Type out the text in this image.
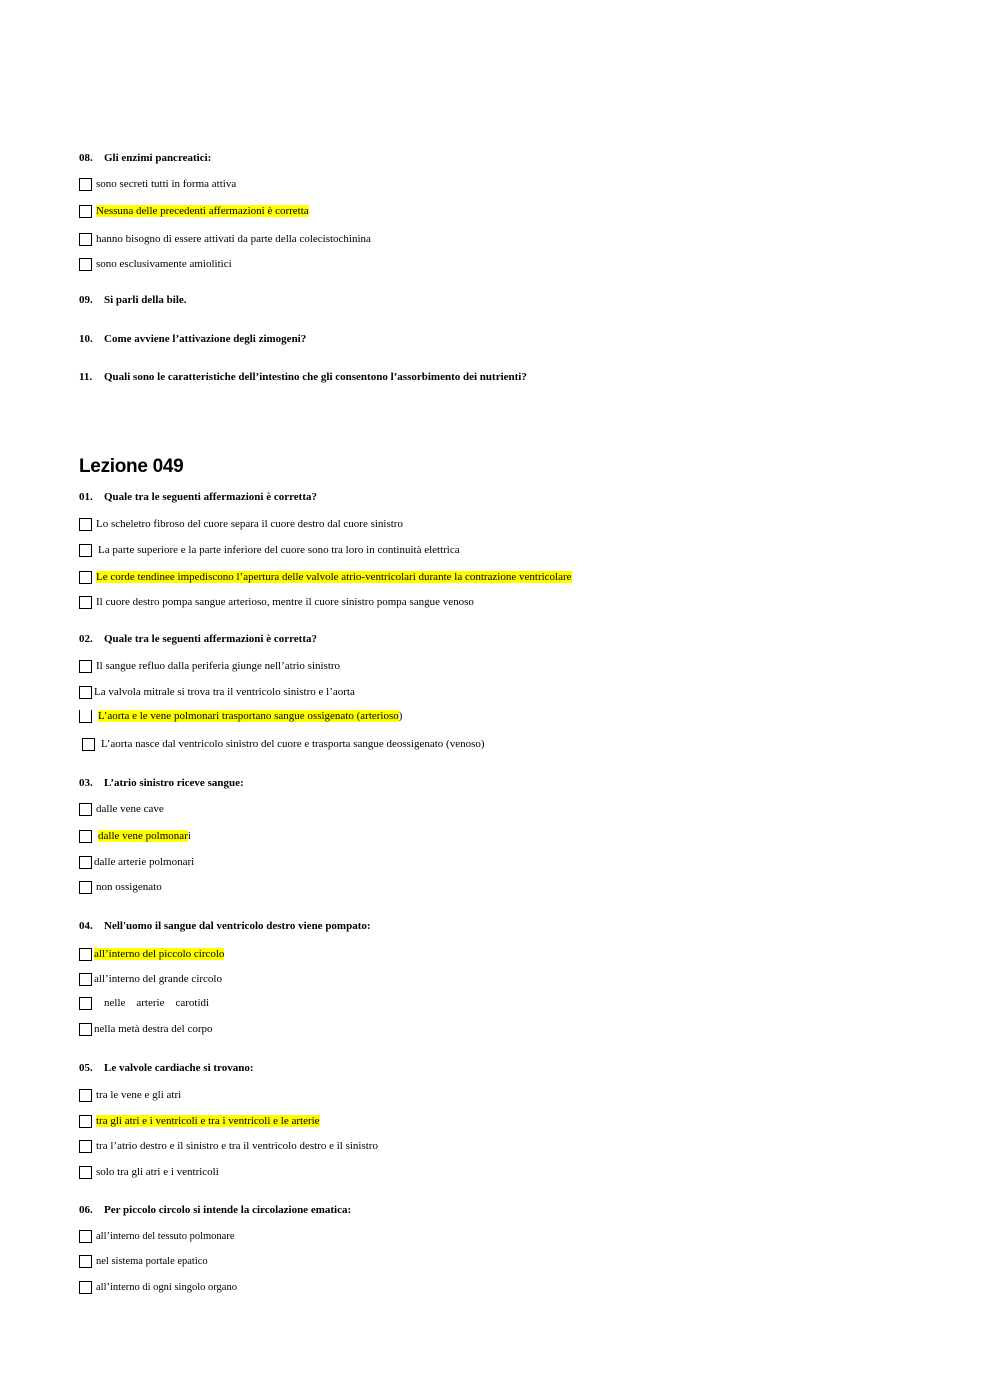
08. Gli enzimi pancreatici:
sono secreti tutti in forma attiva
Nessuna delle precedenti affermazioni è corretta
hanno bisogno di essere attivati da parte della colecistochinina
sono esclusivamente amiolitici
09. Si parli della bile.
10. Come avviene l’attivazione degli zimogeni?
11. Quali sono le caratteristiche dell’intestino che gli consentono l’assorbimento dei nutrienti?
Lezione 049
01. Quale tra le seguenti affermazioni è corretta?
Lo scheletro fibroso del cuore separa il cuore destro dal cuore sinistro
La parte superiore e la parte inferiore del cuore sono tra loro in continuità elettrica
Le corde tendinee impediscono l’apertura delle valvole atrio-ventricolari durante la contrazione ventricolare
Il cuore destro pompa sangue arterioso, mentre il cuore sinistro pompa sangue venoso
02. Quale tra le seguenti affermazioni è corretta?
Il sangue refluo dalla periferia giunge nell’atrio sinistro
La valvola mitrale si trova tra il ventricolo sinistro e l’aorta
L’aorta e le vene polmonari trasportano sangue ossigenato (arterioso )
L’aorta nasce dal ventricolo sinistro del cuore e trasporta sangue deossigenato (venoso)
03. L’atrio sinistro riceve sangue:
dalle vene cave
dalle vene polmonar i
dalle arterie polmonari
non ossigenato
04. Nell'uomo il sangue dal ventricolo destro viene pompato:
all’interno del piccolo circolo
all’interno del grande circolo
nelle    arterie    carotidi
nella metà destra del corpo
05. Le valvole cardiache si trovano:
tra le vene e gli atri
tra gli atri e i ventricoli e tra i ventricoli e le arterie
tra l’atrio destro e il sinistro e tra il ventricolo destro e il sinistro
solo tra gli atri e i ventricoli
06. Per piccolo circolo si intende la circolazione ematica:
all’interno del tessuto polmonare
nel sistema portale epatico
all’interno di ogni singolo organo
